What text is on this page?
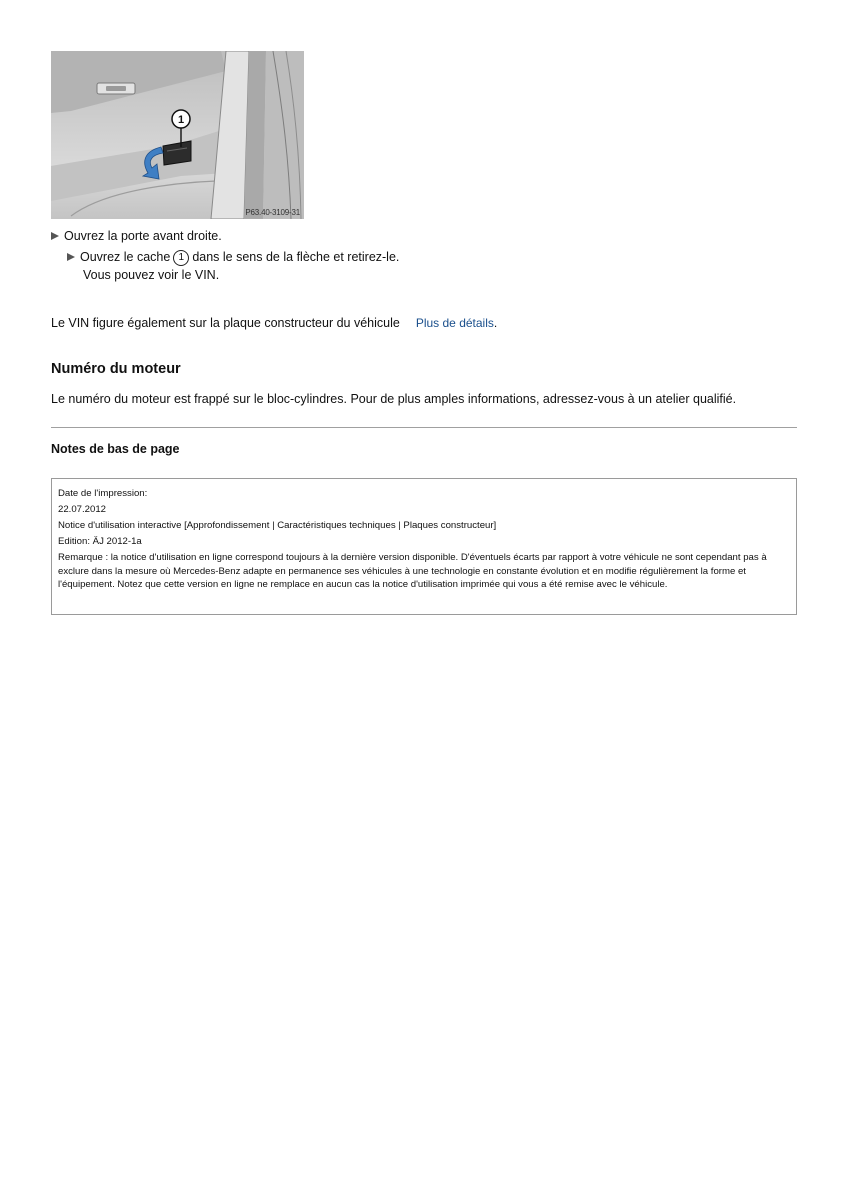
1
P63.40-3109-31
Ouvrez la porte avant droite.
Ouvrez le cache 1 dans le sens de la flèche et retirez-le.
Vous pouvez voir le VIN.
Le VIN figure également sur la plaque constructeur du véhicule Plus de détails.
Numéro du moteur
Le numéro du moteur est frappé sur le bloc-cylindres. Pour de plus amples informations, adressez-vous à un atelier qualifié.
Notes de bas de page
Date de l'impression:
22.07.2012
Notice d'utilisation interactive [Approfondissement | Caractéristiques techniques | Plaques constructeur]
Edition: ÄJ 2012-1a
Remarque : la notice d'utilisation en ligne correspond toujours à la dernière version disponible. D'éventuels écarts par rapport à votre véhicule ne sont cependant pas à exclure dans la mesure où Mercedes-Benz adapte en permanence ses véhicules à une technologie en constante évolution et en modifie régulièrement la forme et l'équipement. Notez que cette version en ligne ne remplace en aucun cas la notice d'utilisation imprimée qui vous a été remise avec le véhicule.
